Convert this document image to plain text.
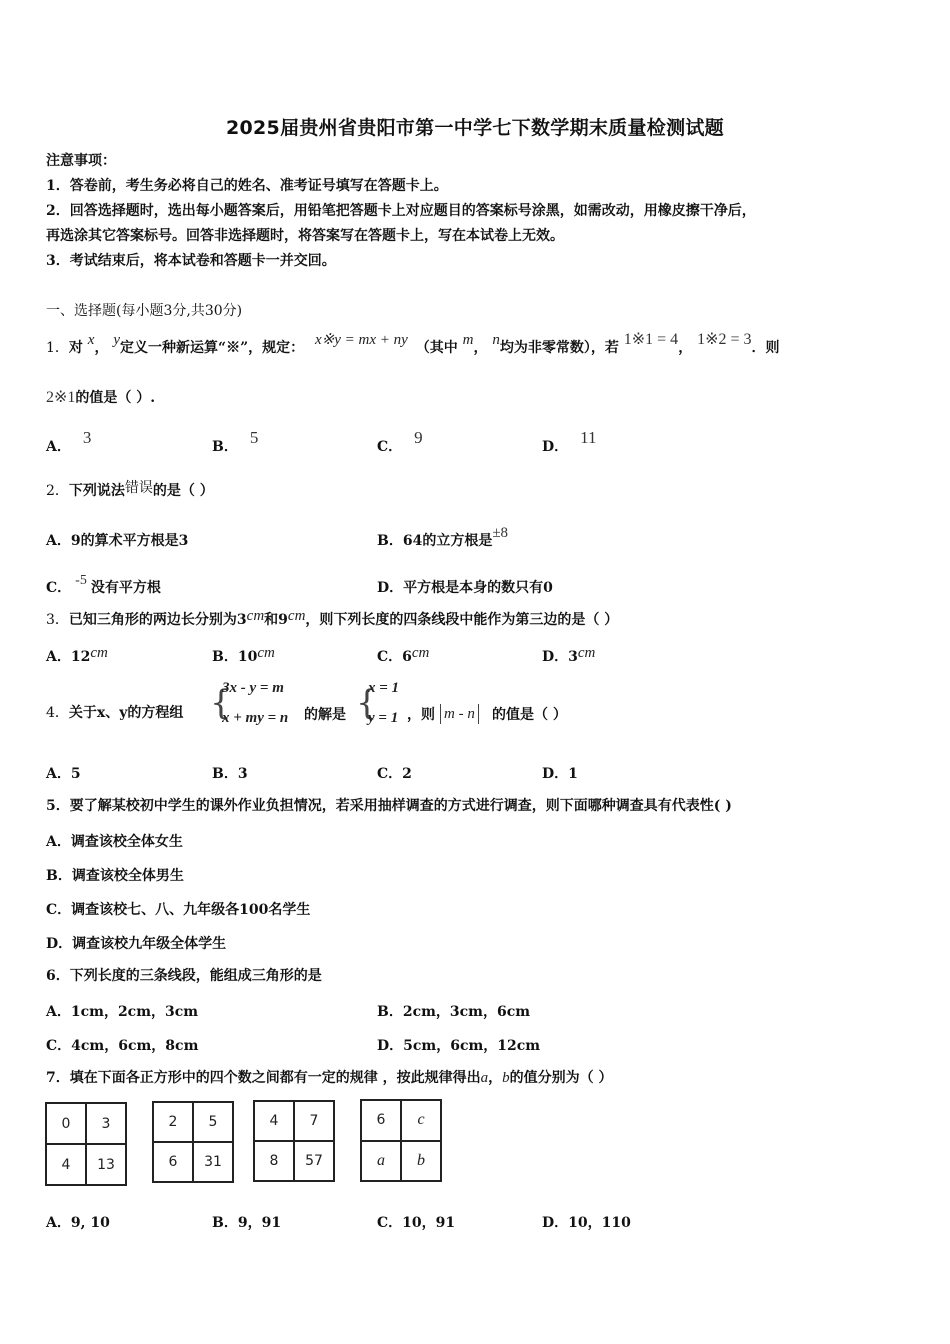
2025届贵州省贵阳市第一中学七下数学期末质量检测试题
注意事项：
1．答卷前，考生务必将自己的姓名、准考证号填写在答题卡上。
2．回答选择题时，选出每小题答案后，用铅笔把答题卡上对应题目的答案标号涂黑，如需改动，用橡皮擦干净后，
再选涂其它答案标号。回答非选择题时，将答案写在答题卡上，写在本试卷上无效。
3．考试结束后，将本试卷和答题卡一并交回。
一、选择题(每小题3分,共30分)
1．对 x， y定义一种新运算“※”，规定： x※y = mx + ny （其中 m， n均为非零常数），若 1※1 = 4， 1※2 = 3．则
2※1的值是（ ）.
A． 3	B． 5	C． 9	D． 11
2．下列说法错误的是（ ）
A．9的算术平方根是3	B．64的立方根是±8
C． -5 没有平方根	D．平方根是本身的数只有0
3．已知三角形的两边长分别为3cm和9cm，则下列长度的四条线段中能作为第三边的是（ ）
A．12cm	B．10cm	C．6cm	D．3cm
4．关于x、y的方程组 {
3x - y = m
x + my = n 的解是 {
x = 1
y = 1 ，则 m - n 的值是（ ）
A．5	B．3	C．2	D．1
5．要了解某校初中学生的课外作业负担情况，若采用抽样调查的方式进行调查，则下面哪种调查具有代表性( )
A．调查该校全体女生
B．调查该校全体男生
C．调查该校七、八、九年级各100名学生
D．调查该校九年级全体学生
6．下列长度的三条线段，能组成三角形的是
A．1cm，2cm，3cm	B．2cm，3cm，6cm
C．4cm，6cm，8cm	D．5cm，6cm，12cm
7．填在下面各正方形中的四个数之间都有一定的规律 ，按此规律得出a，b的值分别为（ ）
0	3
4	13
2	5
6	31
4	7
8	57
6	c
a	b
A．9, 10	B．9，91	C．10，91	D．10，110
